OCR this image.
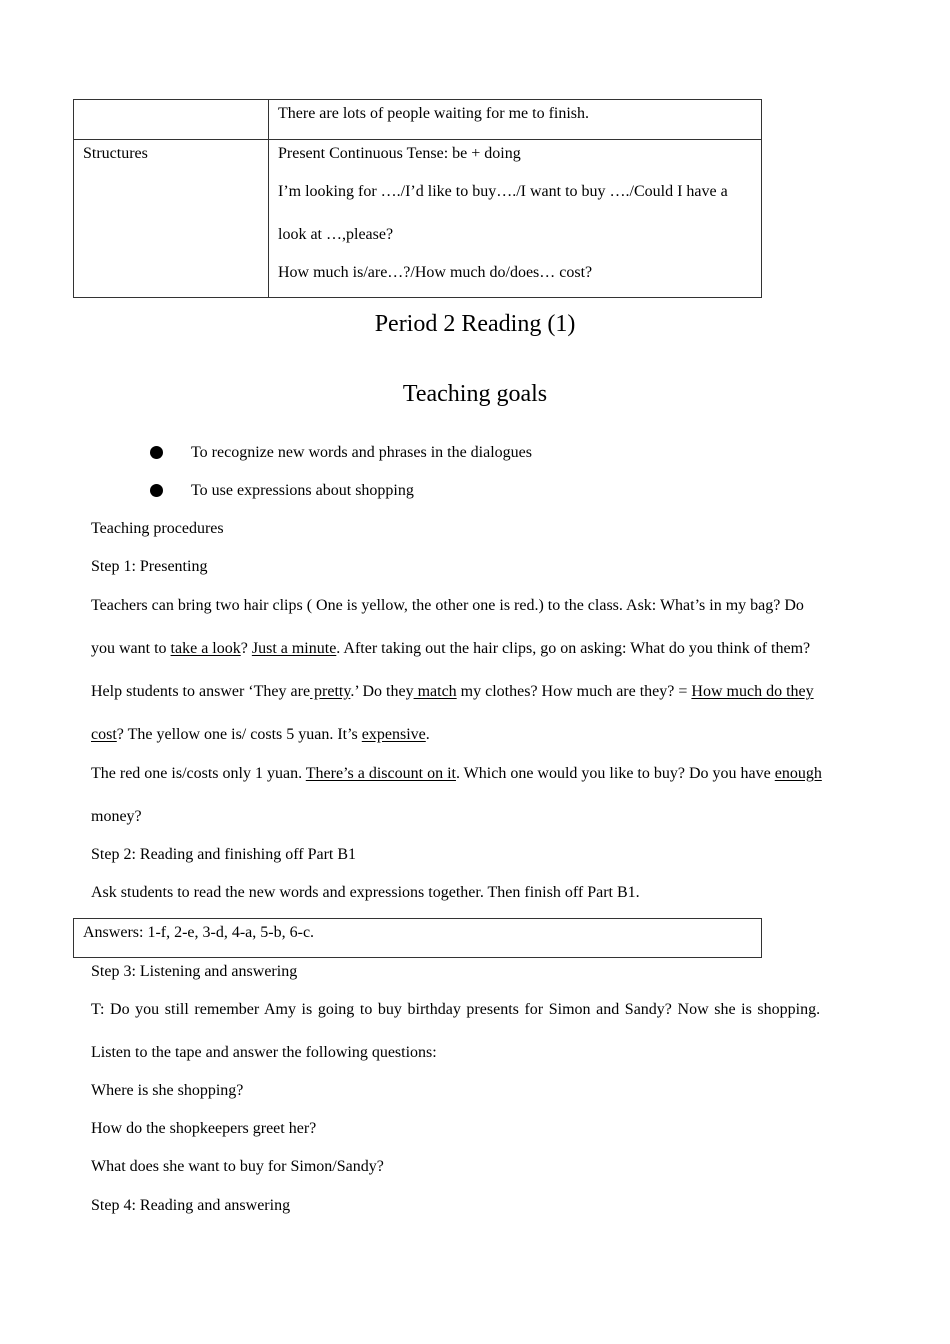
There are lots of people waiting for me to finish.
Structures	Present Continuous Tense: be + doing
I’m looking for …./I’d like to buy…./I want to buy …./Could I have a
look at …,please?
How much is/are…?/How much do/does… cost?
Period 2 Reading (1)
Teaching goals
To recognize new words and phrases in the dialogues
To use expressions about shopping
Teaching procedures
Step 1: Presenting
Teachers can bring two hair clips ( One is yellow, the other one is red.) to the class. Ask: What’s in my bag? Do
you want to take a look? Just a minute. After taking out the hair clips, go on asking: What do you think of them?
Help students to answer ‘They are pretty.’ Do they match my clothes? How much are they? = How much do they
cost? The yellow one is/ costs 5 yuan. It’s expensive.
The red one is/costs only 1 yuan. There’s a discount on it. Which one would you like to buy? Do you have enough
money?
Step 2: Reading and finishing off Part B1
Ask students to read the new words and expressions together. Then finish off Part B1.
Answers: 1-f, 2-e, 3-d, 4-a, 5-b, 6-c.
Step 3: Listening and answering
T: Do you still remember Amy is going to buy birthday presents for Simon and Sandy? Now she is shopping.
Listen to the tape and answer the following questions:
Where is she shopping?
How do the shopkeepers greet her?
What does she want to buy for Simon/Sandy?
Step 4: Reading and answering
